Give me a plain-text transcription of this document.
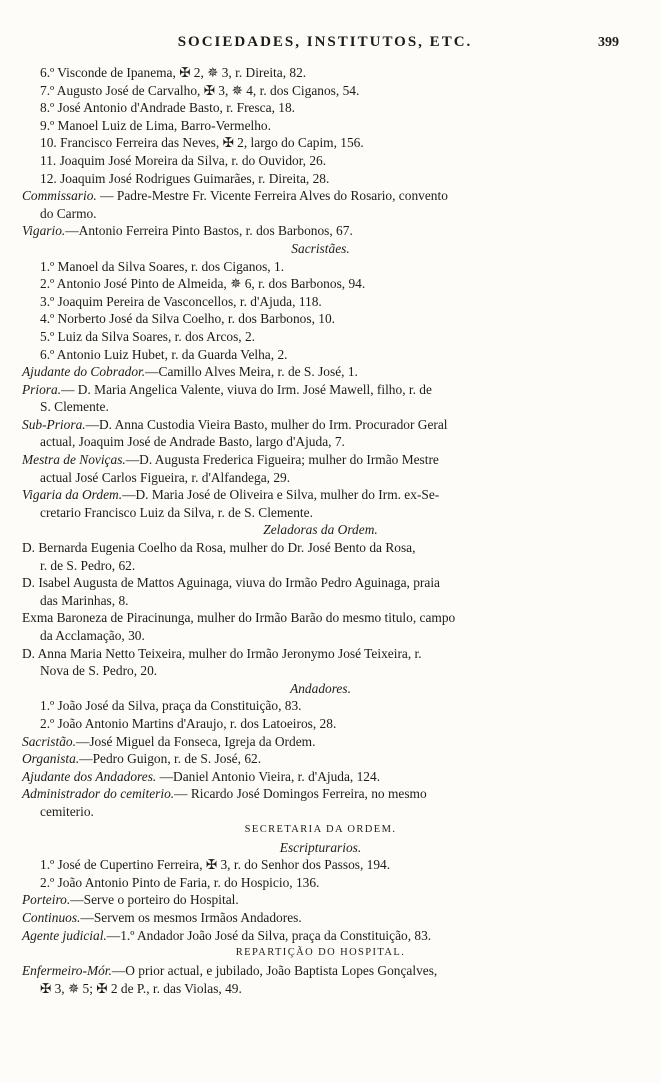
SOCIEDADES, INSTITUTOS, ETC.	399
6.º Visconde de Ipanema, ✠ 2, ✵ 3, r. Direita, 82.
7.º Augusto José de Carvalho, ✠ 3, ✵ 4, r. dos Ciganos, 54.
8.º José Antonio d'Andrade Basto, r. Fresca, 18.
9.º Manoel Luiz de Lima, Barro-Vermelho.
10. Francisco Ferreira das Neves, ✠ 2, largo do Capim, 156.
11. Joaquim José Moreira da Silva, r. do Ouvidor, 26.
12. Joaquim José Rodrigues Guimarães, r. Direita, 28.
Commissario. — Padre-Mestre Fr. Vicente Ferreira Alves do Rosario, convento
do Carmo.
Vigario.—Antonio Ferreira Pinto Bastos, r. dos Barbonos, 67.
Sacristães.
1.º Manoel da Silva Soares, r. dos Ciganos, 1.
2.º Antonio José Pinto de Almeida, ✵ 6, r. dos Barbonos, 94.
3.º Joaquim Pereira de Vasconcellos, r. d'Ajuda, 118.
4.º Norberto José da Silva Coelho, r. dos Barbonos, 10.
5.º Luiz da Silva Soares, r. dos Arcos, 2.
6.º Antonio Luiz Hubet, r. da Guarda Velha, 2.
Ajudante do Cobrador.—Camillo Alves Meira, r. de S. José, 1.
Priora.— D. Maria Angelica Valente, viuva do Irm. José Mawell, filho, r. de
S. Clemente.
Sub-Priora.—D. Anna Custodia Vieira Basto, mulher do Irm. Procurador Geral
actual, Joaquim José de Andrade Basto, largo d'Ajuda, 7.
Mestra de Noviças.—D. Augusta Frederica Figueira; mulher do Irmão Mestre
actual José Carlos Figueira, r. d'Alfandega, 29.
Vigaria da Ordem.—D. Maria José de Oliveira e Silva, mulher do Irm. ex-Se-
cretario Francisco Luiz da Silva, r. de S. Clemente.
Zeladoras da Ordem.
D. Bernarda Eugenia Coelho da Rosa, mulher do Dr. José Bento da Rosa,
r. de S. Pedro, 62.
D. Isabel Augusta de Mattos Aguinaga, viuva do Irmão Pedro Aguinaga, praia
das Marinhas, 8.
Exma Baroneza de Piracinunga, mulher do Irmão Barão do mesmo titulo, campo
da Acclamação, 30.
D. Anna Maria Netto Teixeira, mulher do Irmão Jeronymo José Teixeira, r.
Nova de S. Pedro, 20.
Andadores.
1.º João José da Silva, praça da Constituição, 83.
2.º João Antonio Martins d'Araujo, r. dos Latoeiros, 28.
Sacristão.—José Miguel da Fonseca, Igreja da Ordem.
Organista.—Pedro Guigon, r. de S. José, 62.
Ajudante dos Andadores. —Daniel Antonio Vieira, r. d'Ajuda, 124.
Administrador do cemiterio.— Ricardo José Domingos Ferreira, no mesmo
cemiterio.
SECRETARIA DA ORDEM.
Escripturarios.
1.º José de Cupertino Ferreira, ✠ 3, r. do Senhor dos Passos, 194.
2.º João Antonio Pinto de Faria, r. do Hospicio, 136.
Porteiro.—Serve o porteiro do Hospital.
Continuos.—Servem os mesmos Irmãos Andadores.
Agente judicial.—1.º Andador João José da Silva, praça da Constituição, 83.
REPARTIÇÃO DO HOSPITAL.
Enfermeiro-Mór.—O prior actual, e jubilado, João Baptista Lopes Gonçalves,
✠ 3, ✵ 5; ✠ 2 de P., r. das Violas, 49.
